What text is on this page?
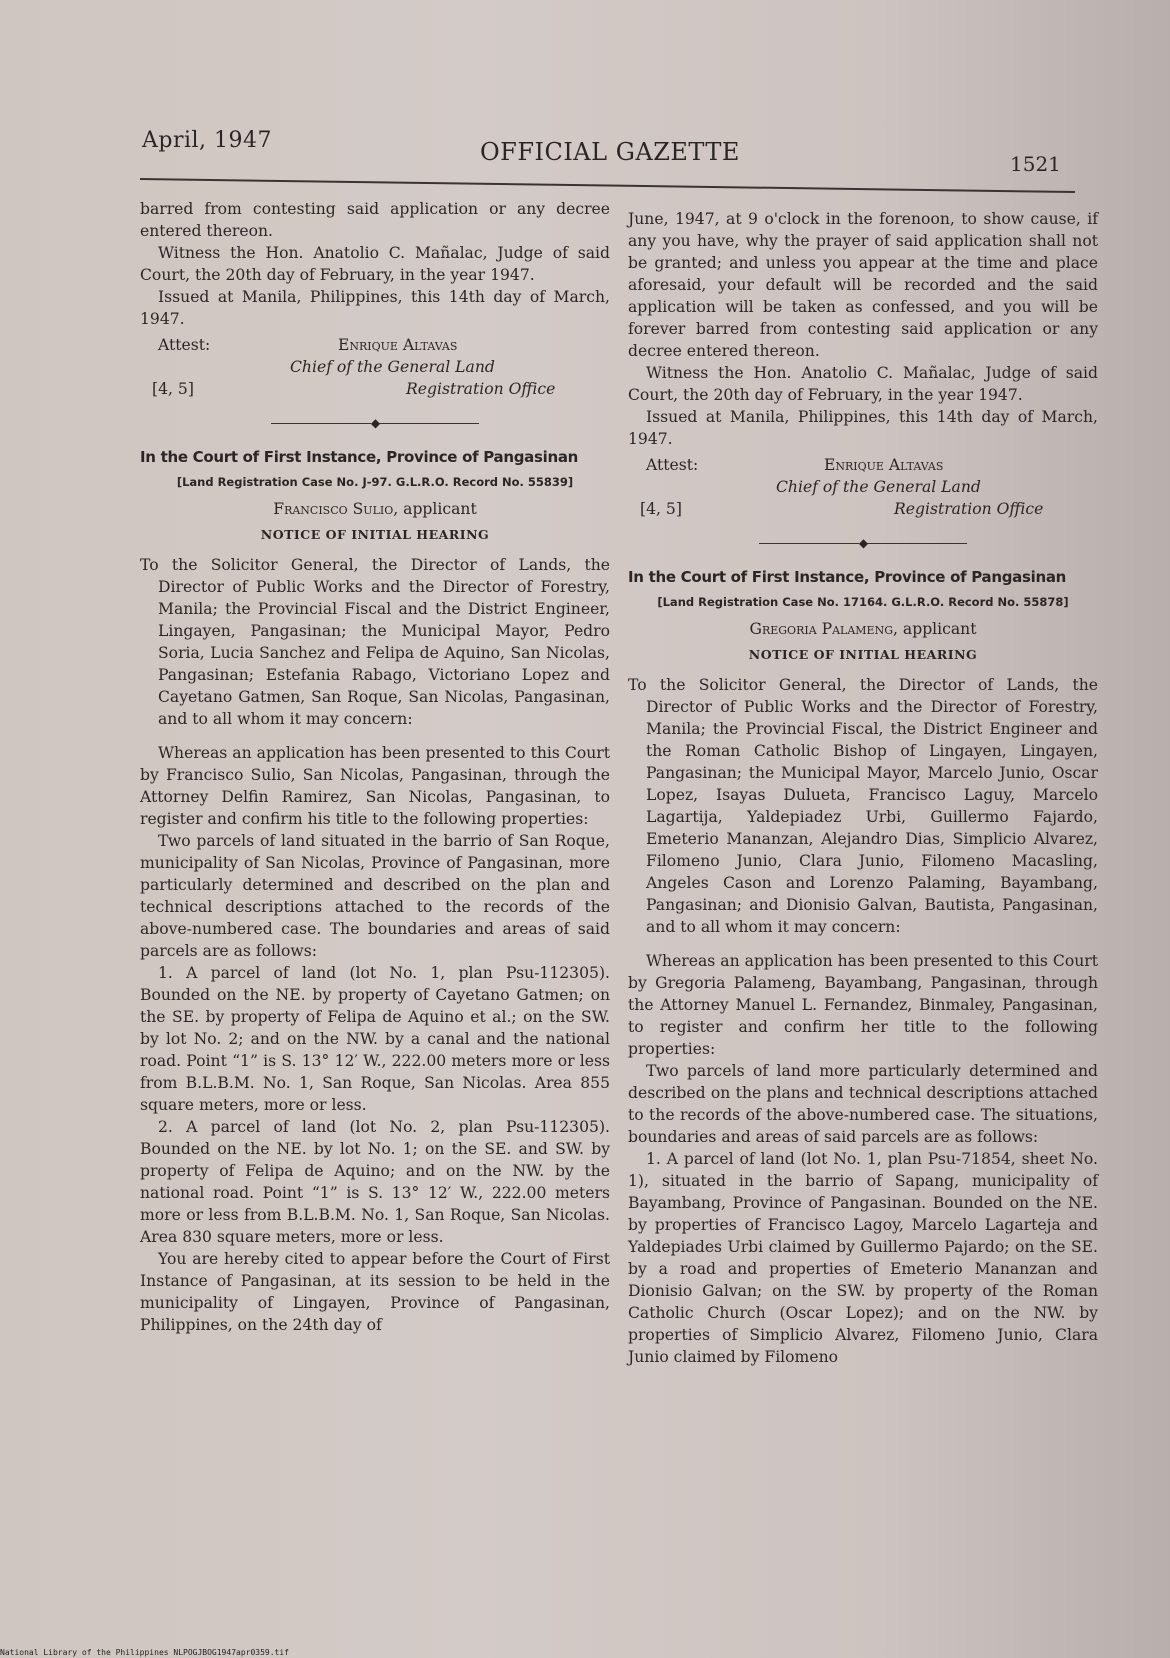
April, 1947	OFFICIAL GAZETTE	1521

barred from contesting said application or any decree entered thereon.

Witness the Hon. Anatolio C. Mañalac, Judge of said Court, the 20th day of February, in the year 1947.

Issued at Manila, Philippines, this 14th day of March, 1947.

Attest:	Enrique Altavas
Chief of the General Land
[4, 5]	Registration Office
◆
In the Court of First Instance, Province of Pangasinan
[Land Registration Case No. J-97. G.L.R.O. Record No. 55839]
Francisco Sulio, applicant
NOTICE OF INITIAL HEARING

To the Solicitor General, the Director of Lands, the Director of Public Works and the Director of Forestry, Manila; the Provincial Fiscal and the District Engineer, Lingayen, Pangasinan; the Municipal Mayor, Pedro Soria, Lucia Sanchez and Felipa de Aquino, San Nicolas, Pangasinan; Estefania Rabago, Victoriano Lopez and Cayetano Gatmen, San Roque, San Nicolas, Pangasinan, and to all whom it may concern:

Whereas an application has been presented to this Court by Francisco Sulio, San Nicolas, Pangasinan, through the Attorney Delfin Ramirez, San Nicolas, Pangasinan, to register and confirm his title to the following properties:

Two parcels of land situated in the barrio of San Roque, municipality of San Nicolas, Province of Pangasinan, more particularly determined and described on the plan and technical descriptions attached to the records of the above-numbered case. The boundaries and areas of said parcels are as follows:

1. A parcel of land (lot No. 1, plan Psu-112305). Bounded on the NE. by property of Cayetano Gatmen; on the SE. by property of Felipa de Aquino et al.; on the SW. by lot No. 2; and on the NW. by a canal and the national road. Point “1” is S. 13° 12′ W., 222.00 meters more or less from B.L.B.M. No. 1, San Roque, San Nicolas. Area 855 square meters, more or less.

2. A parcel of land (lot No. 2, plan Psu-112305). Bounded on the NE. by lot No. 1; on the SE. and SW. by property of Felipa de Aquino; and on the NW. by the national road. Point “1” is S. 13° 12′ W., 222.00 meters more or less from B.L.B.M. No. 1, San Roque, San Nicolas. Area 830 square meters, more or less.

You are hereby cited to appear before the Court of First Instance of Pangasinan, at its session to be held in the municipality of Lingayen, Province of Pangasinan, Philippines, on the 24th day of

June, 1947, at 9 o'clock in the forenoon, to show cause, if any you have, why the prayer of said application shall not be granted; and unless you appear at the time and place aforesaid, your default will be recorded and the said application will be taken as confessed, and you will be forever barred from contesting said application or any decree entered thereon.

Witness the Hon. Anatolio C. Mañalac, Judge of said Court, the 20th day of February, in the year 1947.

Issued at Manila, Philippines, this 14th day of March, 1947.

Attest:	Enrique Altavas
Chief of the General Land
[4, 5]	Registration Office
◆
In the Court of First Instance, Province of Pangasinan
[Land Registration Case No. 17164. G.L.R.O. Record No. 55878]
Gregoria Palameng, applicant
NOTICE OF INITIAL HEARING

To the Solicitor General, the Director of Lands, the Director of Public Works and the Director of Forestry, Manila; the Provincial Fiscal, the District Engineer and the Roman Catholic Bishop of Lingayen, Lingayen, Pangasinan; the Municipal Mayor, Marcelo Junio, Oscar Lopez, Isayas Dulueta, Francisco Laguy, Marcelo Lagartija, Yaldepiadez Urbi, Guillermo Fajardo, Emeterio Mananzan, Alejandro Dias, Simplicio Alvarez, Filomeno Junio, Clara Junio, Filomeno Macasling, Angeles Cason and Lorenzo Palaming, Bayambang, Pangasinan; and Dionisio Galvan, Bautista, Pangasinan, and to all whom it may concern:

Whereas an application has been presented to this Court by Gregoria Palameng, Bayambang, Pangasinan, through the Attorney Manuel L. Fernandez, Binmaley, Pangasinan, to register and confirm her title to the following properties:

Two parcels of land more particularly determined and described on the plans and technical descriptions attached to the records of the above-numbered case. The situations, boundaries and areas of said parcels are as follows:

1. A parcel of land (lot No. 1, plan Psu-71854, sheet No. 1), situated in the barrio of Sapang, municipality of Bayambang, Province of Pangasinan. Bounded on the NE. by properties of Francisco Lagoy, Marcelo Lagarteja and Yaldepiades Urbi claimed by Guillermo Pajardo; on the SE. by a road and properties of Emeterio Mananzan and Dionisio Galvan; on the SW. by property of the Roman Catholic Church (Oscar Lopez); and on the NW. by properties of Simplicio Alvarez, Filomeno Junio, Clara Junio claimed by Filomeno

National Library of the Philippines NLPOGJBOG1947apr0359.tif
